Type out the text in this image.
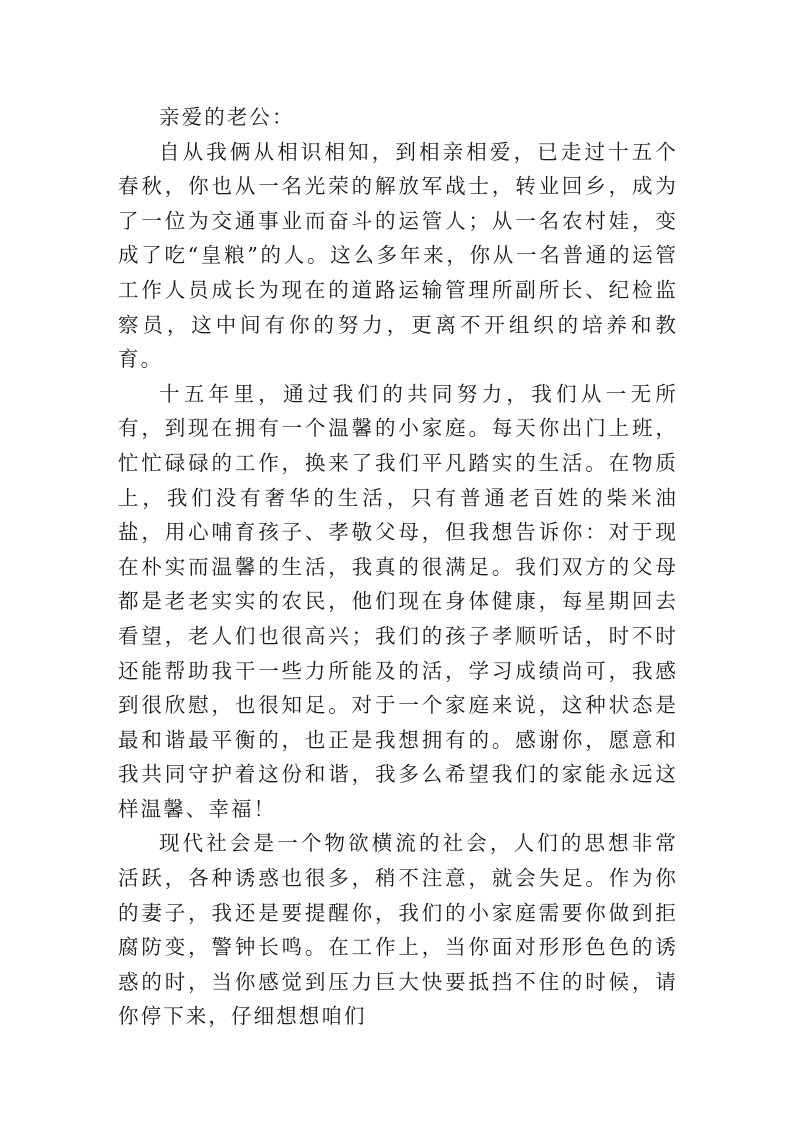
亲爱的老公：

自从我俩从相识相知，到相亲相爱，已走过十五个春秋，你也从一名光荣的解放军战士，转业回乡，成为了一位为交通事业而奋斗的运管人；从一名农村娃，变成了吃“皇粮”的人。这么多年来，你从一名普通的运管工作人员成长为现在的道路运输管理所副所长、纪检监察员，这中间有你的努力，更离不开组织的培养和教育。

十五年里，通过我们的共同努力，我们从一无所有，到现在拥有一个温馨的小家庭。每天你出门上班，忙忙碌碌的工作，换来了我们平凡踏实的生活。在物质上，我们没有奢华的生活，只有普通老百姓的柴米油盐，用心哺育孩子、孝敬父母，但我想告诉你：对于现在朴实而温馨的生活，我真的很满足。我们双方的父母都是老老实实的农民，他们现在身体健康，每星期回去看望，老人们也很高兴；我们的孩子孝顺听话，时不时还能帮助我干一些力所能及的活，学习成绩尚可，我感到很欣慰，也很知足。对于一个家庭来说，这种状态是最和谐最平衡的，也正是我想拥有的。感谢你，愿意和我共同守护着这份和谐，我多么希望我们的家能永远这样温馨、幸福！

现代社会是一个物欲横流的社会，人们的思想非常活跃，各种诱惑也很多，稍不注意，就会失足。作为你的妻子，我还是要提醒你，我们的小家庭需要你做到拒腐防变，警钟长鸣。在工作上，当你面对形形色色的诱惑的时，当你感觉到压力巨大快要抵挡不住的时候，请你停下来，仔细想想咱们
